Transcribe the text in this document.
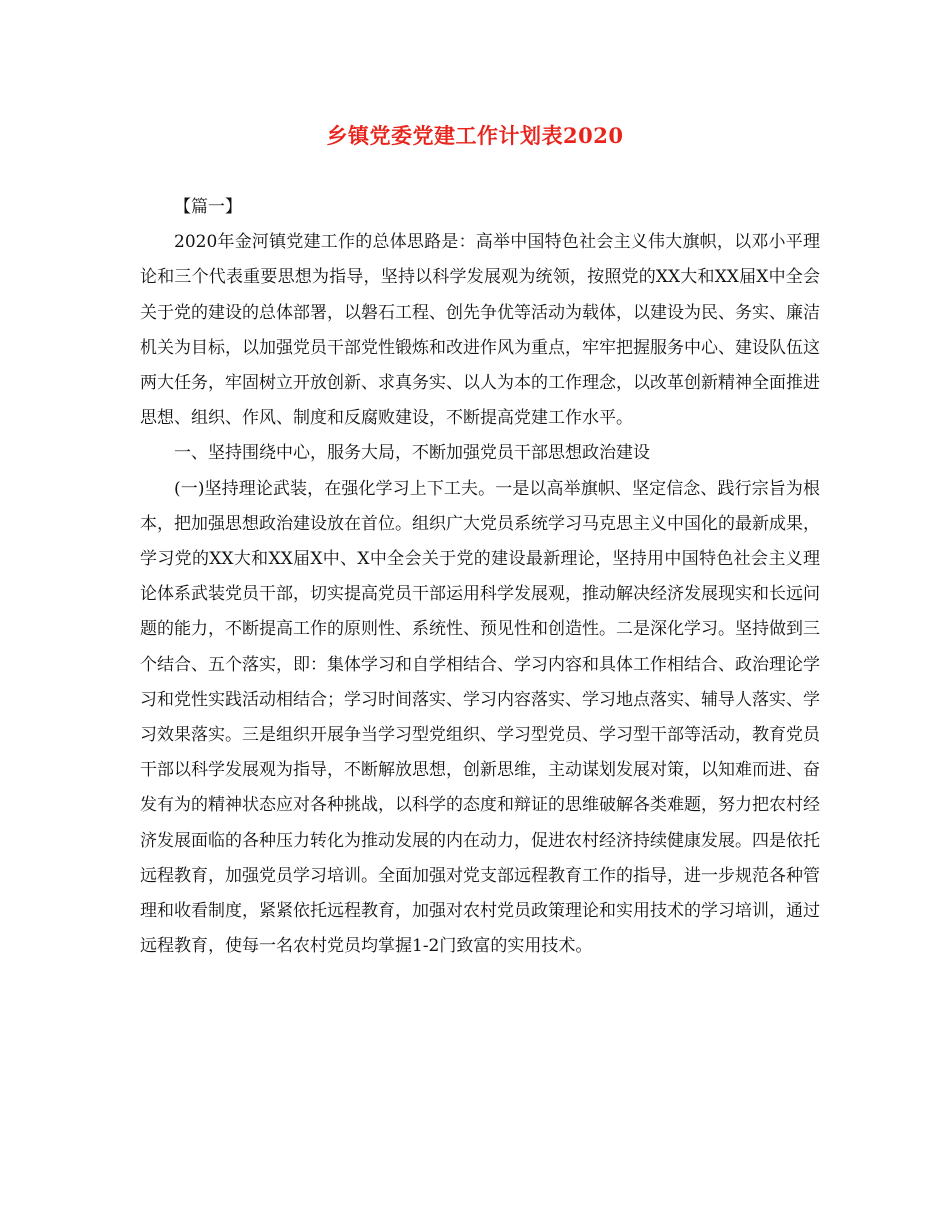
乡镇党委党建工作计划表2020

【篇一】

2020年金河镇党建工作的总体思路是：高举中国特色社会主义伟大旗帜，以邓小平理论和三个代表重要思想为指导，坚持以科学发展观为统领，按照党的XX大和XX届X中全会关于党的建设的总体部署，以磐石工程、创先争优等活动为载体，以建设为民、务实、廉洁机关为目标，以加强党员干部党性锻炼和改进作风为重点，牢牢把握服务中心、建设队伍这两大任务，牢固树立开放创新、求真务实、以人为本的工作理念，以改革创新精神全面推进思想、组织、作风、制度和反腐败建设，不断提高党建工作水平。

一、坚持围绕中心，服务大局，不断加强党员干部思想政治建设

(一)坚持理论武装，在强化学习上下工夫。一是以高举旗帜、坚定信念、践行宗旨为根本，把加强思想政治建设放在首位。组织广大党员系统学习马克思主义中国化的最新成果，学习党的XX大和XX届X中、X中全会关于党的建设最新理论，坚持用中国特色社会主义理论体系武装党员干部，切实提高党员干部运用科学发展观，推动解决经济发展现实和长远问题的能力，不断提高工作的原则性、系统性、预见性和创造性。二是深化学习。坚持做到三个结合、五个落实，即：集体学习和自学相结合、学习内容和具体工作相结合、政治理论学习和党性实践活动相结合；学习时间落实、学习内容落实、学习地点落实、辅导人落实、学习效果落实。三是组织开展争当学习型党组织、学习型党员、学习型干部等活动，教育党员干部以科学发展观为指导，不断解放思想，创新思维，主动谋划发展对策，以知难而进、奋发有为的精神状态应对各种挑战，以科学的态度和辩证的思维破解各类难题，努力把农村经济发展面临的各种压力转化为推动发展的内在动力，促进农村经济持续健康发展。四是依托远程教育，加强党员学习培训。全面加强对党支部远程教育工作的指导，进一步规范各种管理和收看制度，紧紧依托远程教育，加强对农村党员政策理论和实用技术的学习培训，通过远程教育，使每一名农村党员均掌握1-2门致富的实用技术。
